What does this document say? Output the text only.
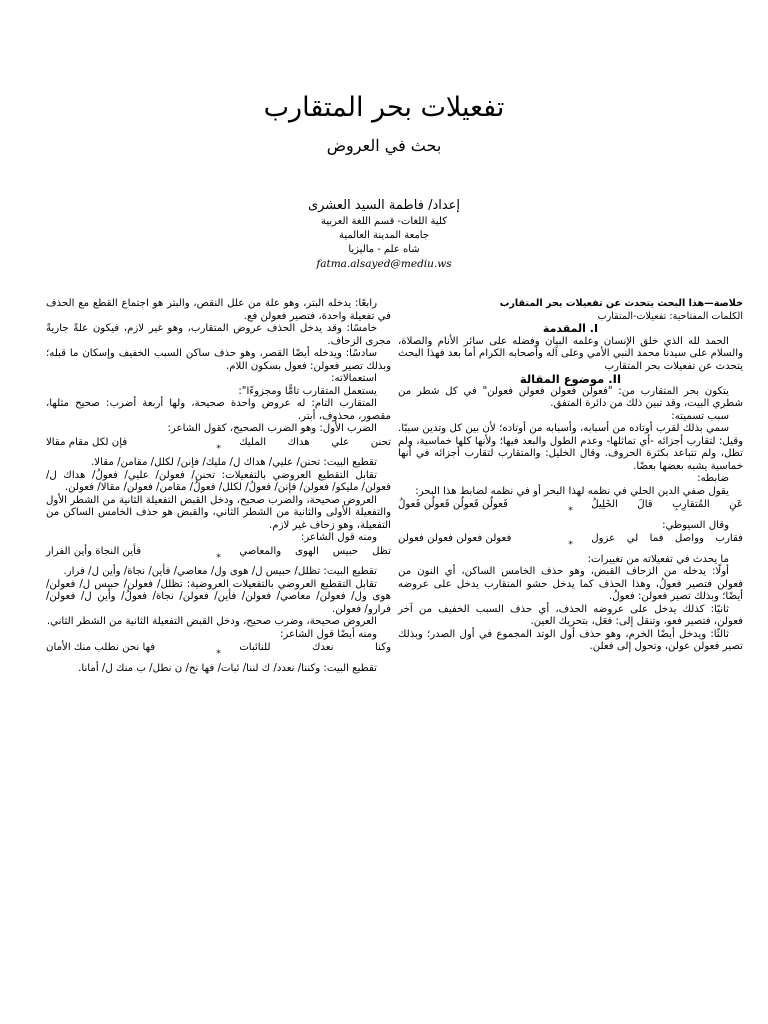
تفعيلات بحر المتقارب
بحث في العروض
إعداد/ فاطمة السيد العشرى
كلية اللغات- قسم اللغة العربية
جامعة المدينة العالمية
شاه علم - ماليزيا
fatma.alsayed@mediu.ws

خلاصة—هذا البحث يتحدث عن تفعيلات بحر المتقارب

الكلمات المفتاحية: تفعيلات-المتقارب

I. المقدمة

الحمد لله الذي خلق الإنسان وعلمه البيان وفضله على سائر الأنام والصلاة، والسلام على سيدنا محمد النبي الأمي وعلى آله وأصحابه الكرام أما بعد فهذا البحث يتحدث عن تفعيلات بحر المتقارب

II. موضوع المقالة

يتكون بحر المتقارب من: "فعولن فعولن فعولن فعولن" في كل شطر من شطري البيت، وقد تبين ذلك من دائرة المتفق.

سبب تسميته:

سمي بذلك لقرب أوتاده من أسبابه، وأسبابه من أوتاده؛ لأن بين كل وتدين سببًا. وقيل: لتقارب أجزائه -أي تماثلها- وعدم الطول والبعد فيها؛ ولأنها كلها خماسية، ولم تطل، ولم تتباعد بكثرة الحروف. وقال الخليل: والمتقارب لتقارب أجزائه في أنها خماسية يشبه بعضها بعضًا.

ضابطه:

يقول صفي الدين الحلي في نظمه لهذا البحر أو في نظمه لضابط هذا البحر:

عَنِ المُتقارِبِ قالَ الخَلِيلُ
*
فَعولُن فَعولُن فَعولُن فَعولُ

وقال السيوطي:

فقارب وواصل فما لي عزول
*
فعولن فعولن فعولن فعولن

ما يحدث في تفعيلاته من تغييرات:

أولًا: يدخله من الزحاف القبض، وهو حذف الخامس الساكن، أي النون من فعولن فتصير فعولُ، وهذا الحذف كما يدخل حشو المتقارب يدخل على عروضه أيضًا؛ وبذلك تصير فعولن: فعولُ.

ثانيًا: كذلك يدخل على عروضه الحذف، أي حذف السبب الخفيف من آخر فعولن، فتصير فعو، وتنقل إلى: فعَل، بتحريك العين.

ثالثًا: ويدخل أيضًا الخرم، وهو حذف أول الوتد المجموع في أول الصدر؛ وبذلك تصير فعولن عولن، وتحول إلى فعلن.

رابعًا: يدخله البتر، وهو علة من علل النقص، والبتر هو اجتماع القطع مع الحذف في تفعيلة واحدة، فتصير فعولن فع.

خامسًا: وقد يدخل الحذف عروض المتقارب، وهو غير لازم، فيكون علةً جاريةً مجرى الزحاف.

سادسًا: ويدخله أيضًا القصر، وهو حذف ساكن السبب الخفيف وإسكان ما قبله؛ وبذلك تصير فعولن: فعول بسكون اللام.

استعمالاته:

يستعمل المتقارب تامًّا ومجزوءًا":

المتقارب التام: له عروض واحدة صحيحة، ولها أربعة أضرب: صحيح مثلها، مقصور، محذوف، أبتر.

الضرب الأول: وهو الضرب الصحيح، كقول الشاعر:

تحنن علي هداك المليك
*
فإن لكل مقام مقالا

تقطيع البيت: تحنن/ عليي/ هداك ل/ مليك/ فإنن/ لكلل/ مقامن/ مقالا.

تقابل التقطيع العروضي بالتفعيلات: تحنن/ فعولن/ عليي/ فعولُ/ هداك ل/ فعولن/ مليكو/ فعولن/ فإنن/ فعولُ/ لكلل/ فعولُ/ مقامن/ فعولن/ مقالا/ فعولن.

العروض صحيحة، والضرب صحيح، ودخل القبض التفعيلة الثانية من الشطر الأول والتفعيلة الأولى والثانية من الشطر الثاني، والقبض هو حذف الخامس الساكن من التفعيلة، وهو زحاف غير لازم.

ومنه قول الشاعر:

تظل حبيس الهوى والمعاصي
*
فأين النجاة وأين الفرار

تقطيع البيت: تظلل/ حبيس ل/ هوى ول/ معاصي/ فأين/ نجاة/ وأين ل/ فرار.

تقابل التقطيع العروضي بالتفعيلات العروضية: تظلل/ فعولن/ حبيس ل/ فعولن/ هوى ول/ فعولن/ معاصي/ فعولن/ فأين/ فعولن/ نجاة/ فعولُ/ وأين ل/ فعولن/ فرارو/ فعولن.

العروض صحيحة، وضرب صحيح، ودخل القبض التفعيلة الثانية من الشطر الثاني.

ومنه أيضًا قول الشاعر:

وكنا نعدك للنائبات
*
فها نحن نطلب منك الأمان

تقطيع البيت: وكننا/ نعدد/ ك لننا/ ئبات/ فها نح/ ن نطل/ ب منك ل/ أمانا.
